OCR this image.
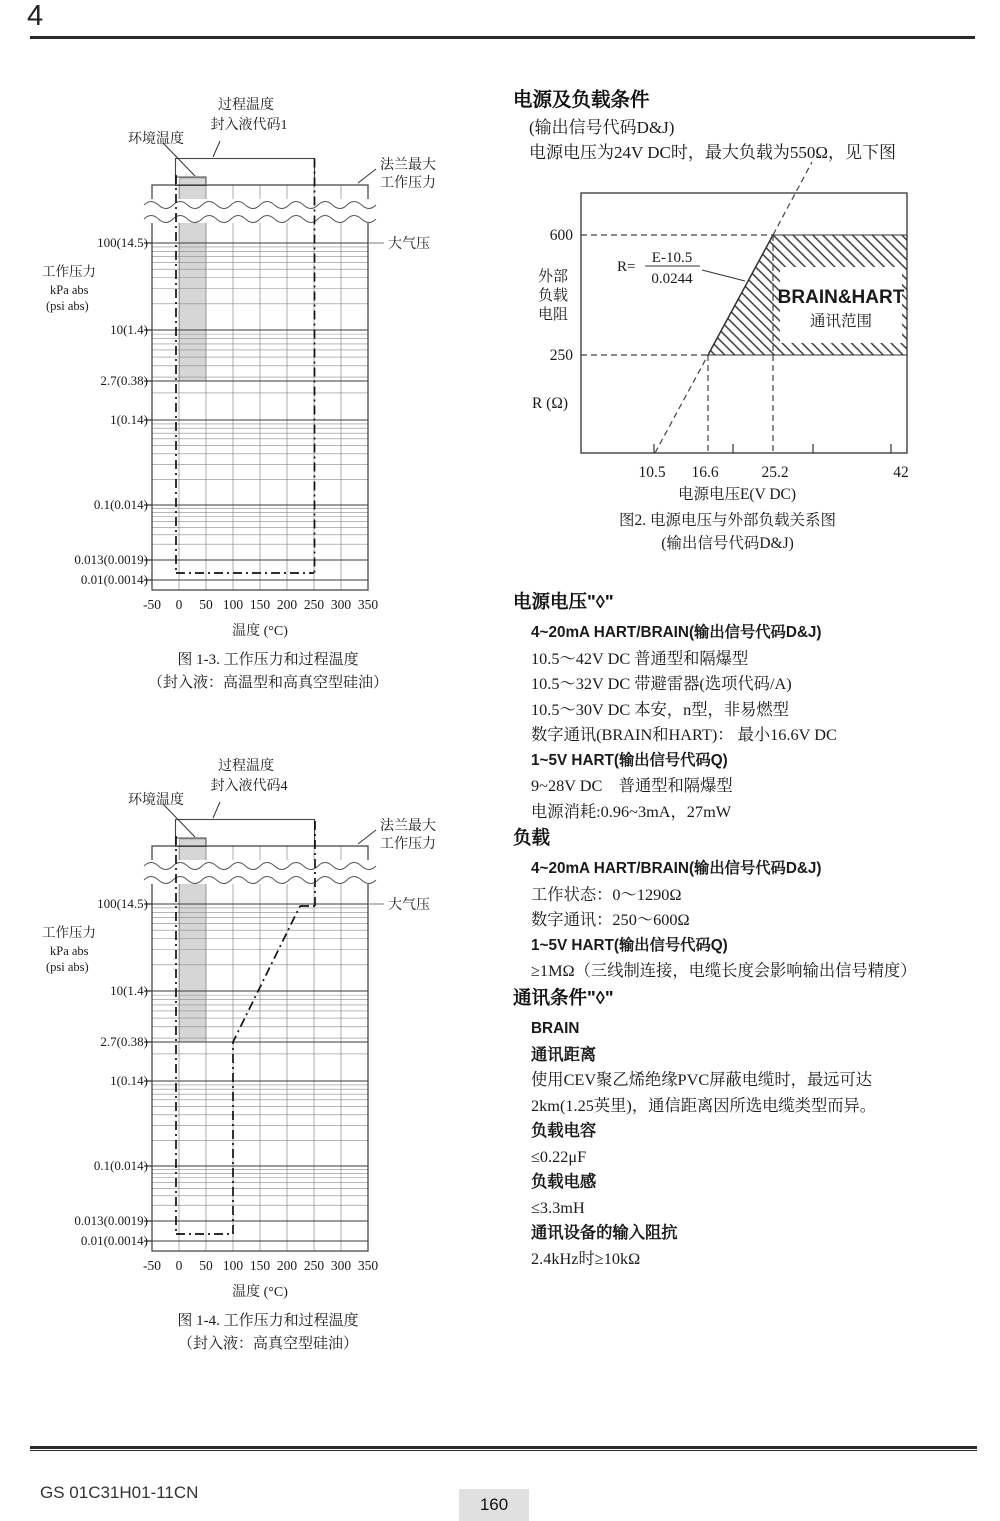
4
环境温度
过程温度
封入液代码1
法兰最大
工作压力
大气压
100(14.5)
10(1.4)
2.7(0.38)
1(0.14)
0.1(0.014)
0.013(0.0019)
0.01(0.0014)
工作压力
kPa abs
(psi abs)
-50 0 50 100 150 200 250 300 350
温度 (°C)
图 1-3. 工作压力和过程温度
（封入液：高温型和高真空型硅油）
环境温度
过程温度
封入液代码4
法兰最大
工作压力
大气压
100(14.5)
10(1.4)
2.7(0.38)
1(0.14)
0.1(0.014)
0.013(0.0019)
0.01(0.0014)
工作压力
kPa abs
(psi abs)
-50 0 50 100 150 200 250 300 350
温度 (°C)
图 1-4. 工作压力和过程温度
（封入液：高真空型硅油）
电源及负载条件
(输出信号代码D&J)
电源电压为24V DC时，最大负载为550Ω，见下图
600
250
外部
负载
电阻
R (Ω)
R=
E-10.5
0.0244
BRAIN&HART
通讯范围
10.5 16.6	25.2	42
电源电压E(V DC)
图2. 电源电压与外部负载关系图
(输出信号代码D&J)
电源电压"◊"
4~20mA HART/BRAIN(输出信号代码D&J)
10.5～42V DC 普通型和隔爆型
10.5～32V DC 带避雷器(选项代码/A)
10.5～30V DC 本安，n型，非易燃型
数字通讯(BRAIN和HART)： 最小16.6V DC
1~5V HART(输出信号代码Q)
9~28V DC　普通型和隔爆型
电源消耗:0.96~3mA，27mW
负载
4~20mA HART/BRAIN(输出信号代码D&J)
工作状态：0～1290Ω
数字通讯：250～600Ω
1~5V HART(输出信号代码Q)
≥1MΩ（三线制连接，电缆长度会影响输出信号精度）
通讯条件"◊"
BRAIN
通讯距离
使用CEV聚乙烯绝缘PVC屏蔽电缆时，最远可达
2km(1.25英里)，通信距离因所选电缆类型而异。
负载电容
≤0.22μF
负载电感
≤3.3mH
通讯设备的输入阻抗
2.4kHz时≥10kΩ
GS 01C31H01-11CN
160
